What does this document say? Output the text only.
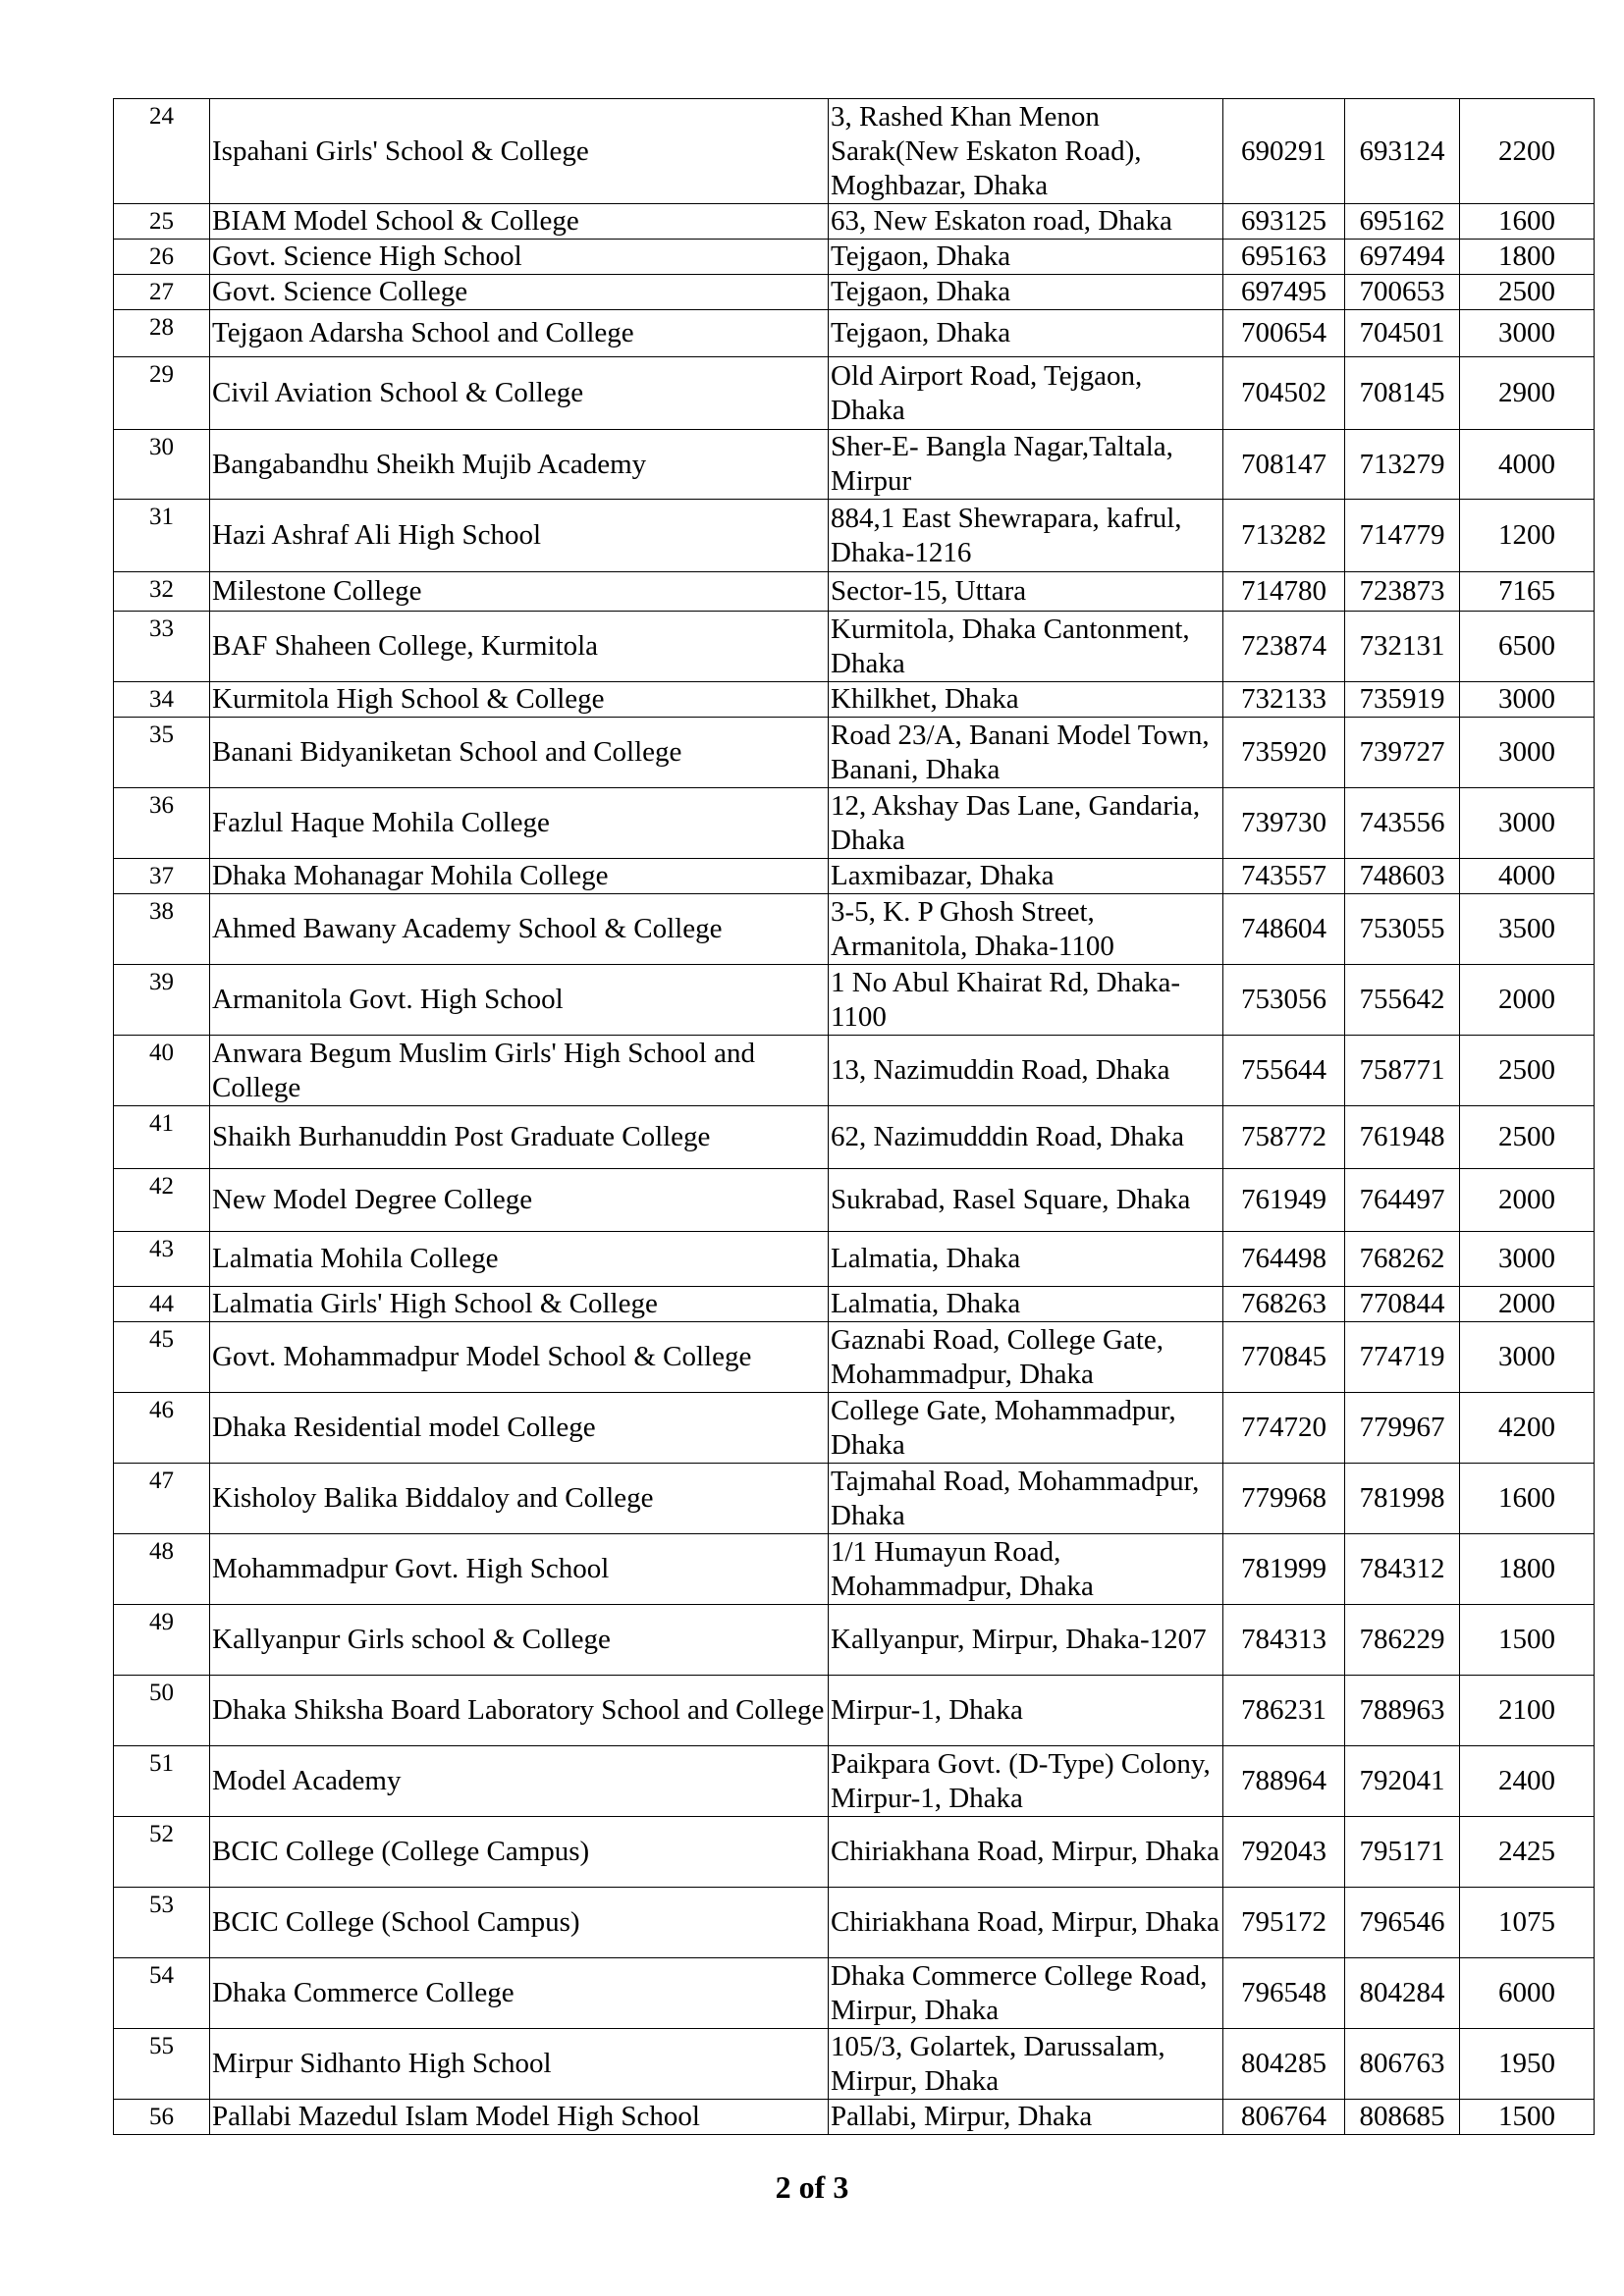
24	Ispahani Girls' School & College	3, Rashed Khan Menon Sarak(New Eskaton Road), Moghbazar, Dhaka	690291	693124	2200
25	BIAM Model School & College	63, New Eskaton road, Dhaka	693125	695162	1600
26	Govt. Science High School	Tejgaon, Dhaka	695163	697494	1800
27	Govt. Science College	Tejgaon, Dhaka	697495	700653	2500
28	Tejgaon Adarsha School and College	Tejgaon, Dhaka	700654	704501	3000
29	Civil Aviation School & College	Old Airport Road, Tejgaon, Dhaka	704502	708145	2900
30	Bangabandhu Sheikh Mujib Academy	Sher-E- Bangla Nagar,Taltala, Mirpur	708147	713279	4000
31	Hazi Ashraf Ali High School	884,1 East Shewrapara, kafrul, Dhaka-1216	713282	714779	1200
32	Milestone College	Sector-15, Uttara	714780	723873	7165
33	BAF Shaheen College, Kurmitola	Kurmitola, Dhaka Cantonment, Dhaka	723874	732131	6500
34	Kurmitola High School & College	Khilkhet, Dhaka	732133	735919	3000
35	Banani Bidyaniketan School and College	Road 23/A, Banani Model Town, Banani, Dhaka	735920	739727	3000
36	Fazlul Haque Mohila College	12, Akshay Das Lane, Gandaria, Dhaka	739730	743556	3000
37	Dhaka Mohanagar Mohila College	Laxmibazar, Dhaka	743557	748603	4000
38	Ahmed Bawany Academy School & College	3-5, K. P Ghosh Street, Armanitola, Dhaka-1100	748604	753055	3500
39	Armanitola Govt. High School	1 No Abul Khairat Rd, Dhaka-1100	753056	755642	2000
40	Anwara Begum Muslim Girls' High School and College	13, Nazimuddin Road, Dhaka	755644	758771	2500
41	Shaikh Burhanuddin Post Graduate College	62, Nazimudddin Road, Dhaka	758772	761948	2500
42	New Model Degree College	Sukrabad, Rasel Square, Dhaka	761949	764497	2000
43	Lalmatia Mohila College	Lalmatia, Dhaka	764498	768262	3000
44	Lalmatia Girls' High School & College	Lalmatia, Dhaka	768263	770844	2000
45	Govt. Mohammadpur Model School & College	Gaznabi Road, College Gate, Mohammadpur, Dhaka	770845	774719	3000
46	Dhaka Residential model College	College Gate, Mohammadpur, Dhaka	774720	779967	4200
47	Kisholoy Balika Biddaloy and College	Tajmahal Road, Mohammadpur, Dhaka	779968	781998	1600
48	Mohammadpur Govt. High School	1/1 Humayun Road, Mohammadpur, Dhaka	781999	784312	1800
49	Kallyanpur Girls school & College	Kallyanpur, Mirpur, Dhaka-1207	784313	786229	1500
50	Dhaka Shiksha Board Laboratory School and College	Mirpur-1, Dhaka	786231	788963	2100
51	Model Academy	Paikpara Govt. (D-Type) Colony, Mirpur-1, Dhaka	788964	792041	2400
52	BCIC College (College Campus)	Chiriakhana Road, Mirpur, Dhaka	792043	795171	2425
53	BCIC College (School Campus)	Chiriakhana Road, Mirpur, Dhaka	795172	796546	1075
54	Dhaka Commerce College	Dhaka Commerce College Road, Mirpur, Dhaka	796548	804284	6000
55	Mirpur Sidhanto High School	105/3, Golartek, Darussalam, Mirpur, Dhaka	804285	806763	1950
56	Pallabi Mazedul Islam Model High School	Pallabi, Mirpur, Dhaka	806764	808685	1500
2 of 3
